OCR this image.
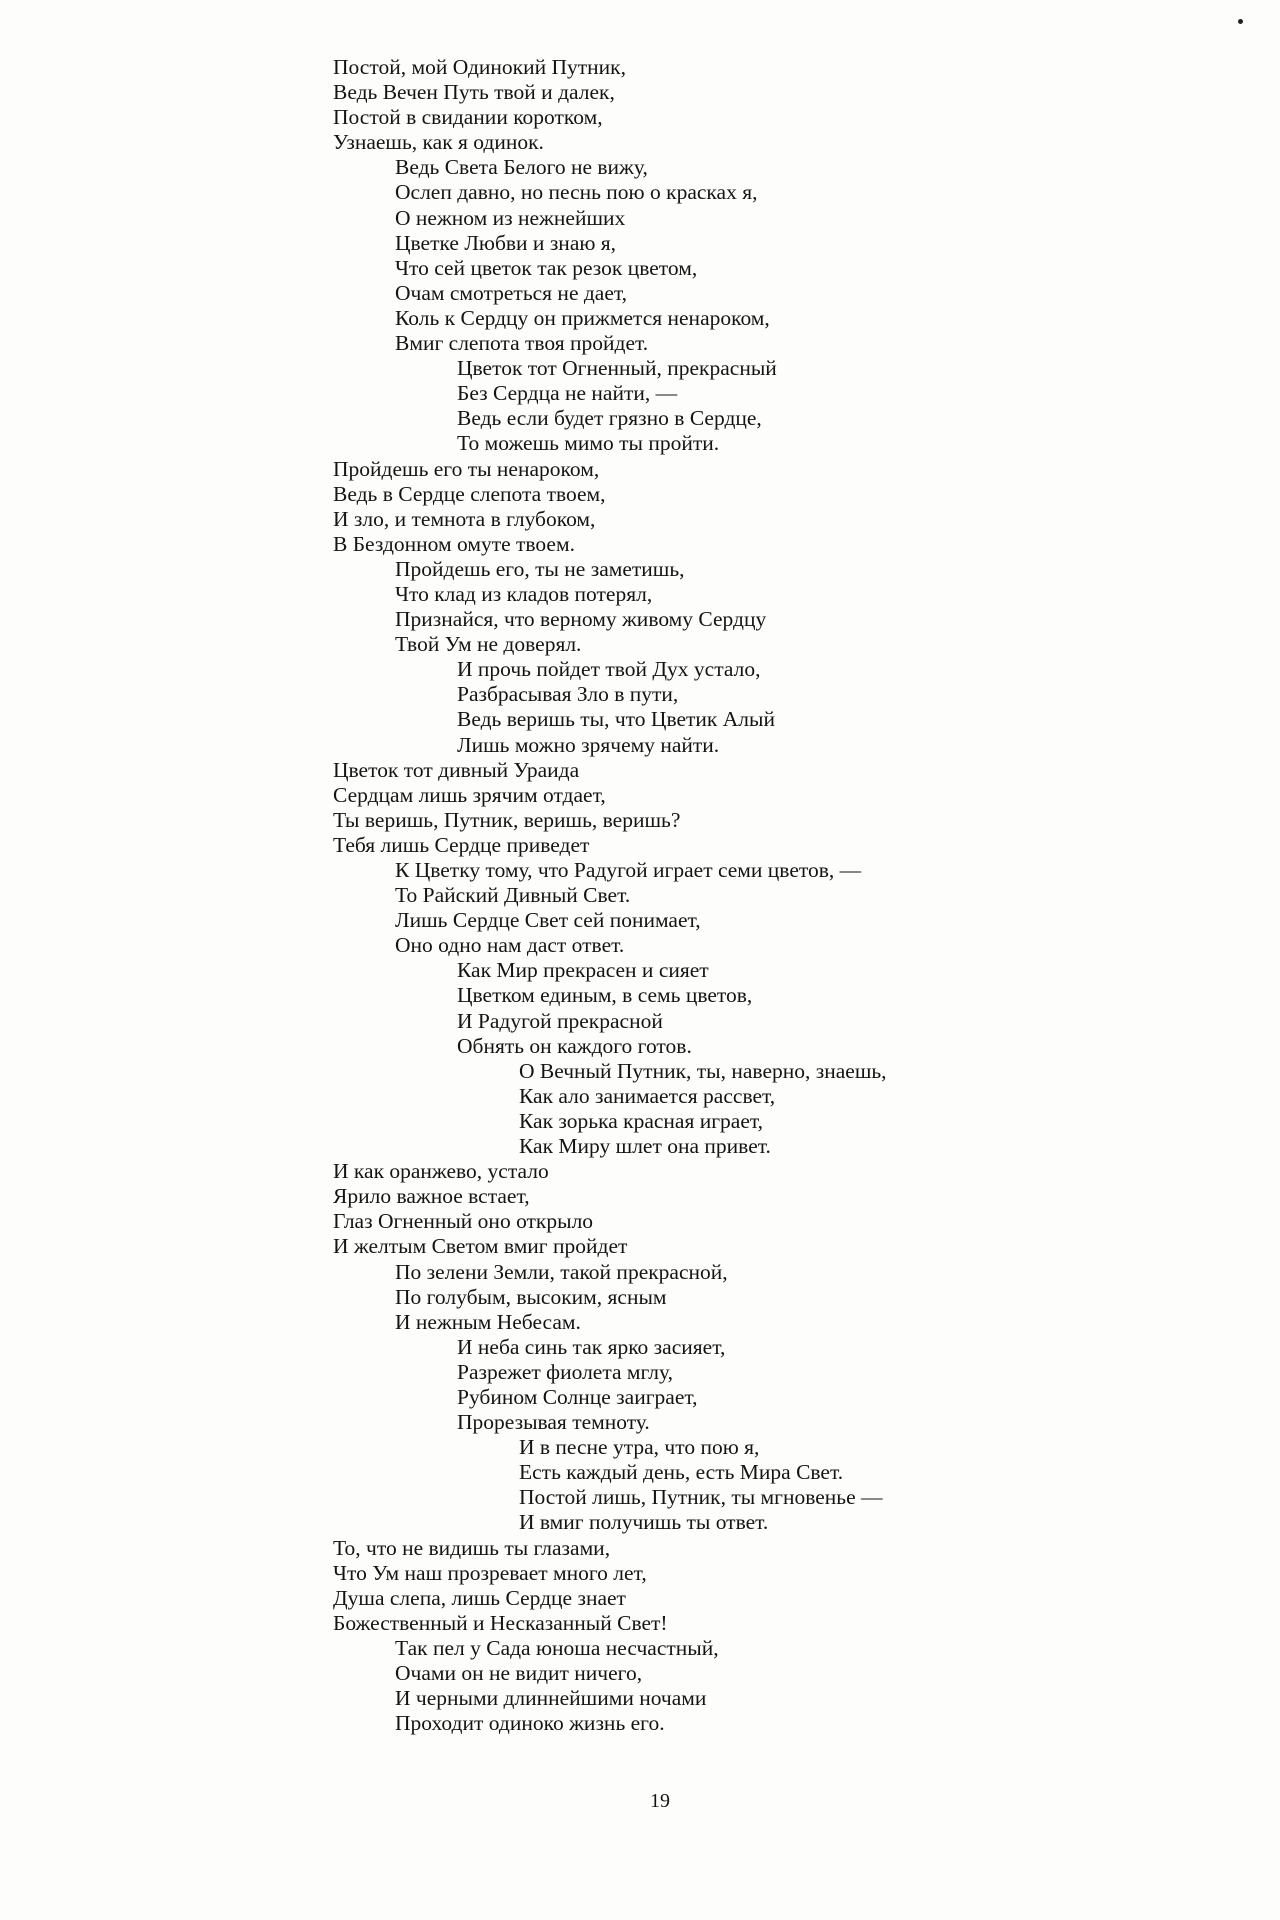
Постой, мой Одинокий Путник,
Ведь Вечен Путь твой и далек,
Постой в свидании коротком,
Узнаешь, как я одинок.
Ведь Света Белого не вижу,
Ослеп давно, но песнь пою о красках я,
О нежном из нежнейших
Цветке Любви и знаю я,
Что сей цветок так резок цветом,
Очам смотреться не дает,
Коль к Сердцу он прижмется ненароком,
Вмиг слепота твоя пройдет.
Цветок тот Огненный, прекрасный
Без Сердца не найти, —
Ведь если будет грязно в Сердце,
То можешь мимо ты пройти.
Пройдешь его ты ненароком,
Ведь в Сердце слепота твоем,
И зло, и темнота в глубоком,
В Бездонном омуте твоем.
Пройдешь его, ты не заметишь,
Что клад из кладов потерял,
Признайся, что верному живому Сердцу
Твой Ум не доверял.
И прочь пойдет твой Дух устало,
Разбрасывая Зло в пути,
Ведь веришь ты, что Цветик Алый
Лишь можно зрячему найти.
Цветок тот дивный Ураида
Сердцам лишь зрячим отдает,
Ты веришь, Путник, веришь, веришь?
Тебя лишь Сердце приведет
К Цветку тому, что Радугой играет семи цветов, —
То Райский Дивный Свет.
Лишь Сердце Свет сей понимает,
Оно одно нам даст ответ.
Как Мир прекрасен и сияет
Цветком единым, в семь цветов,
И Радугой прекрасной
Обнять он каждого готов.
О Вечный Путник, ты, наверно, знаешь,
Как ало занимается рассвет,
Как зорька красная играет,
Как Миру шлет она привет.
И как оранжево, устало
Ярило важное встает,
Глаз Огненный оно открыло
И желтым Светом вмиг пройдет
По зелени Земли, такой прекрасной,
По голубым, высоким, ясным
И нежным Небесам.
И неба синь так ярко засияет,
Разрежет фиолета мглу,
Рубином Солнце заиграет,
Прорезывая темноту.
И в песне утра, что пою я,
Есть каждый день, есть Мира Свет.
Постой лишь, Путник, ты мгновенье —
И вмиг получишь ты ответ.
То, что не видишь ты глазами,
Что Ум наш прозревает много лет,
Душа слепа, лишь Сердце знает
Божественный и Несказанный Свет!
Так пел у Сада юноша несчастный,
Очами он не видит ничего,
И черными длиннейшими ночами
Проходит одиноко жизнь его.
19
